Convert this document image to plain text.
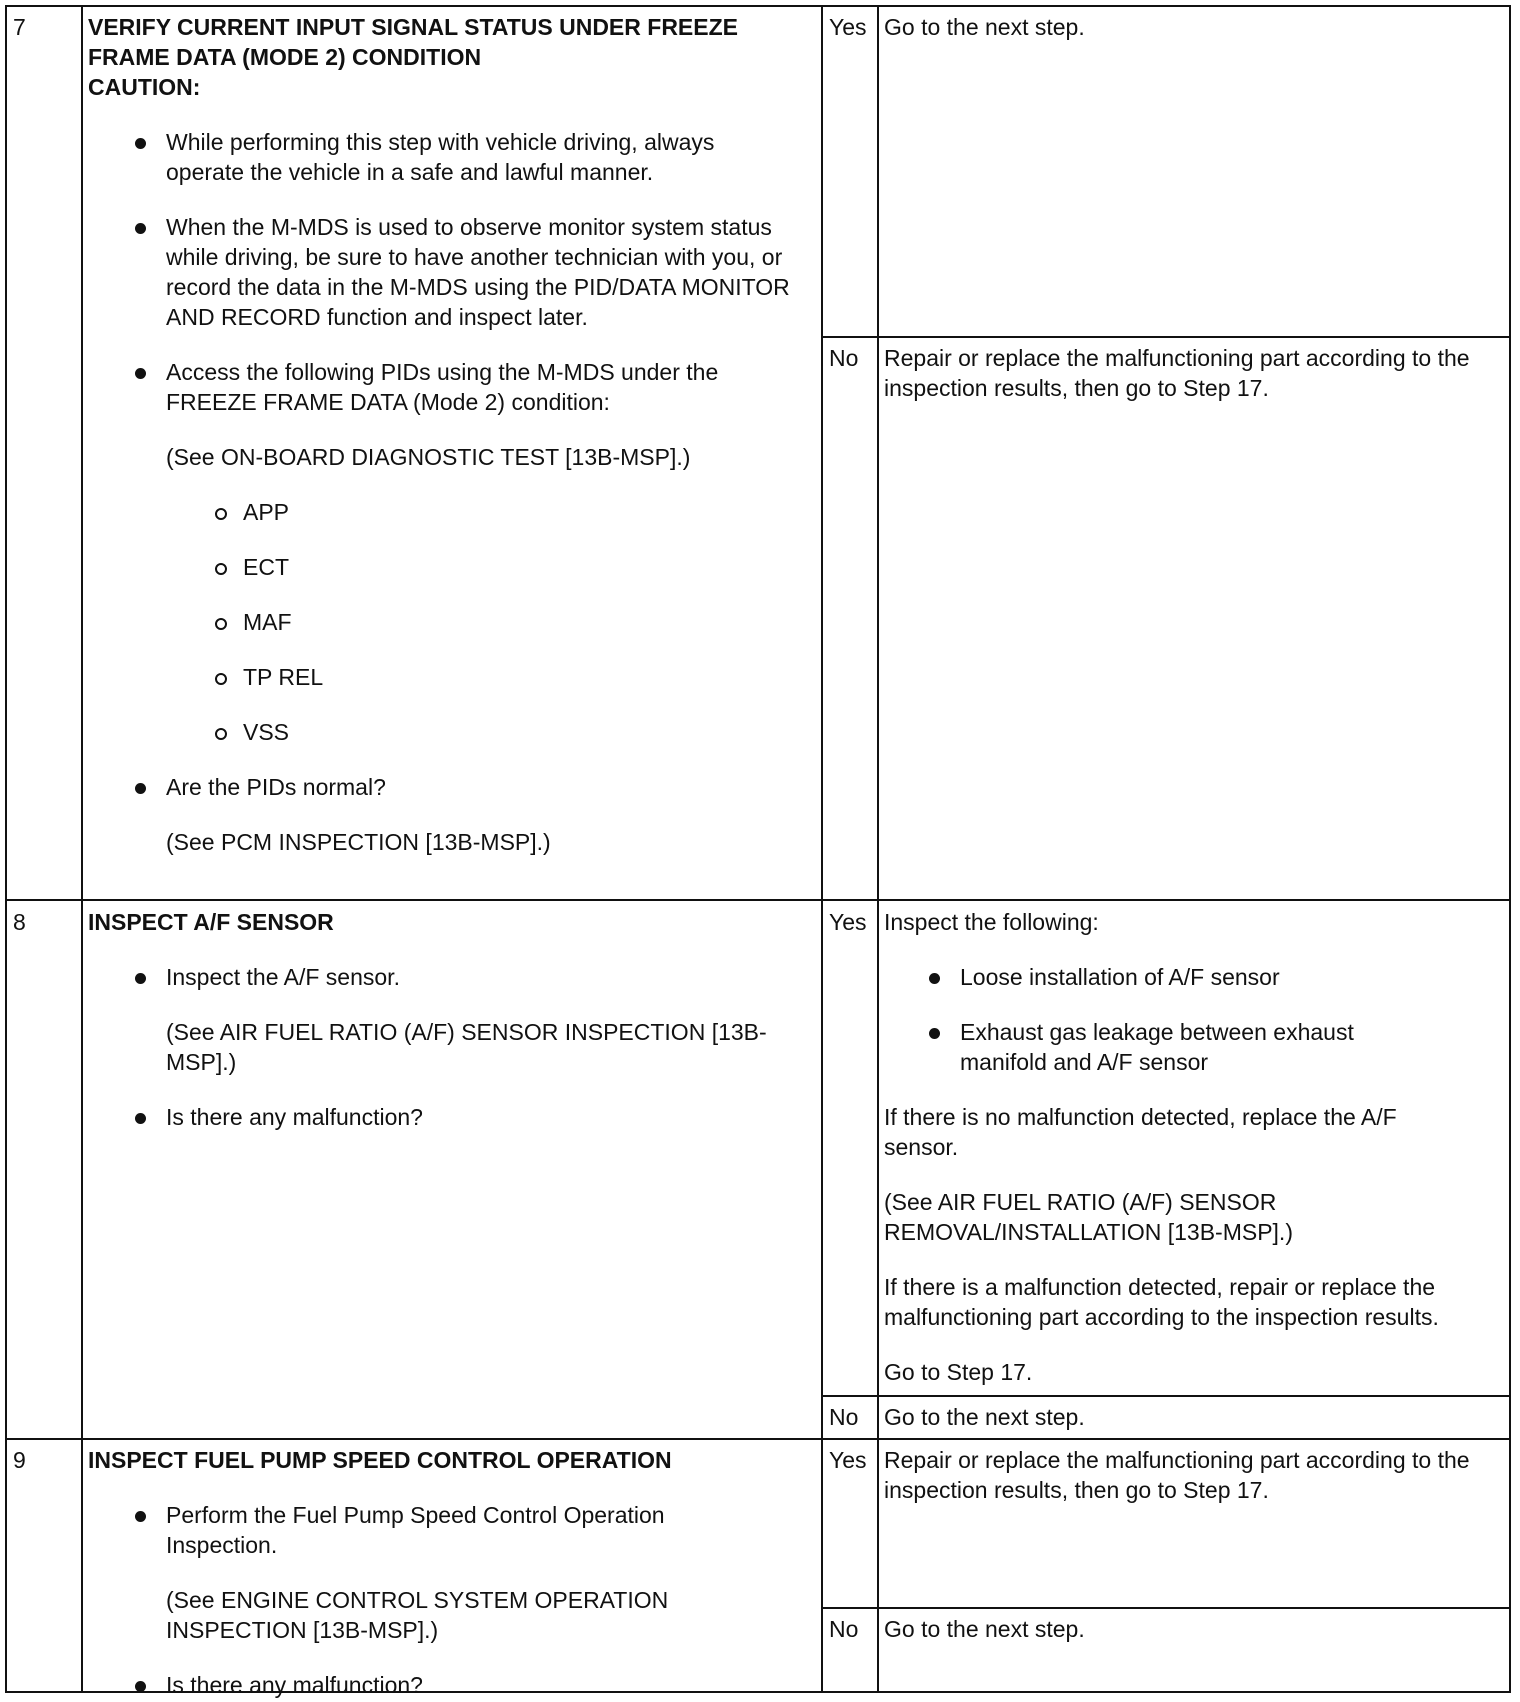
7	VERIFY CURRENT INPUT SIGNAL STATUS UNDER FREEZE
FRAME DATA (MODE 2) CONDITION
CAUTION:
While performing this step with vehicle driving, always operate the vehicle in a safe and lawful manner.
When the M-MDS is used to observe monitor system status while driving, be sure to have another technician with you, or record the data in the M-MDS using the PID/DATA MONITOR AND RECORD function and inspect later.
Access the following PIDs using the M-MDS under the FREEZE FRAME DATA (Mode 2) condition:
(See ON-BOARD DIAGNOSTIC TEST [13B-MSP].)
APP
ECT
MAF
TP REL
VSS
Are the PIDs normal?
(See PCM INSPECTION [13B-MSP].)
Yes Go to the next step.
No Repair or replace the malfunctioning part according to the inspection results, then go to Step 17.
8	INSPECT A/F SENSOR
Inspect the A/F sensor.
(See AIR FUEL RATIO (A/F) SENSOR INSPECTION [13B-MSP].)
Is there any malfunction?
Yes Inspect the following:
Loose installation of A/F sensor
Exhaust gas leakage between exhaust manifold and A/F sensor
If there is no malfunction detected, replace the A/F sensor.
(See AIR FUEL RATIO (A/F) SENSOR REMOVAL/INSTALLATION [13B-MSP].)
If there is a malfunction detected, repair or replace the malfunctioning part according to the inspection results.
Go to Step 17.
No Go to the next step.
9	INSPECT FUEL PUMP SPEED CONTROL OPERATION
Perform the Fuel Pump Speed Control Operation Inspection.
(See ENGINE CONTROL SYSTEM OPERATION INSPECTION [13B-MSP].)
Is there any malfunction?
Yes Repair or replace the malfunctioning part according to the inspection results, then go to Step 17.
No Go to the next step.
